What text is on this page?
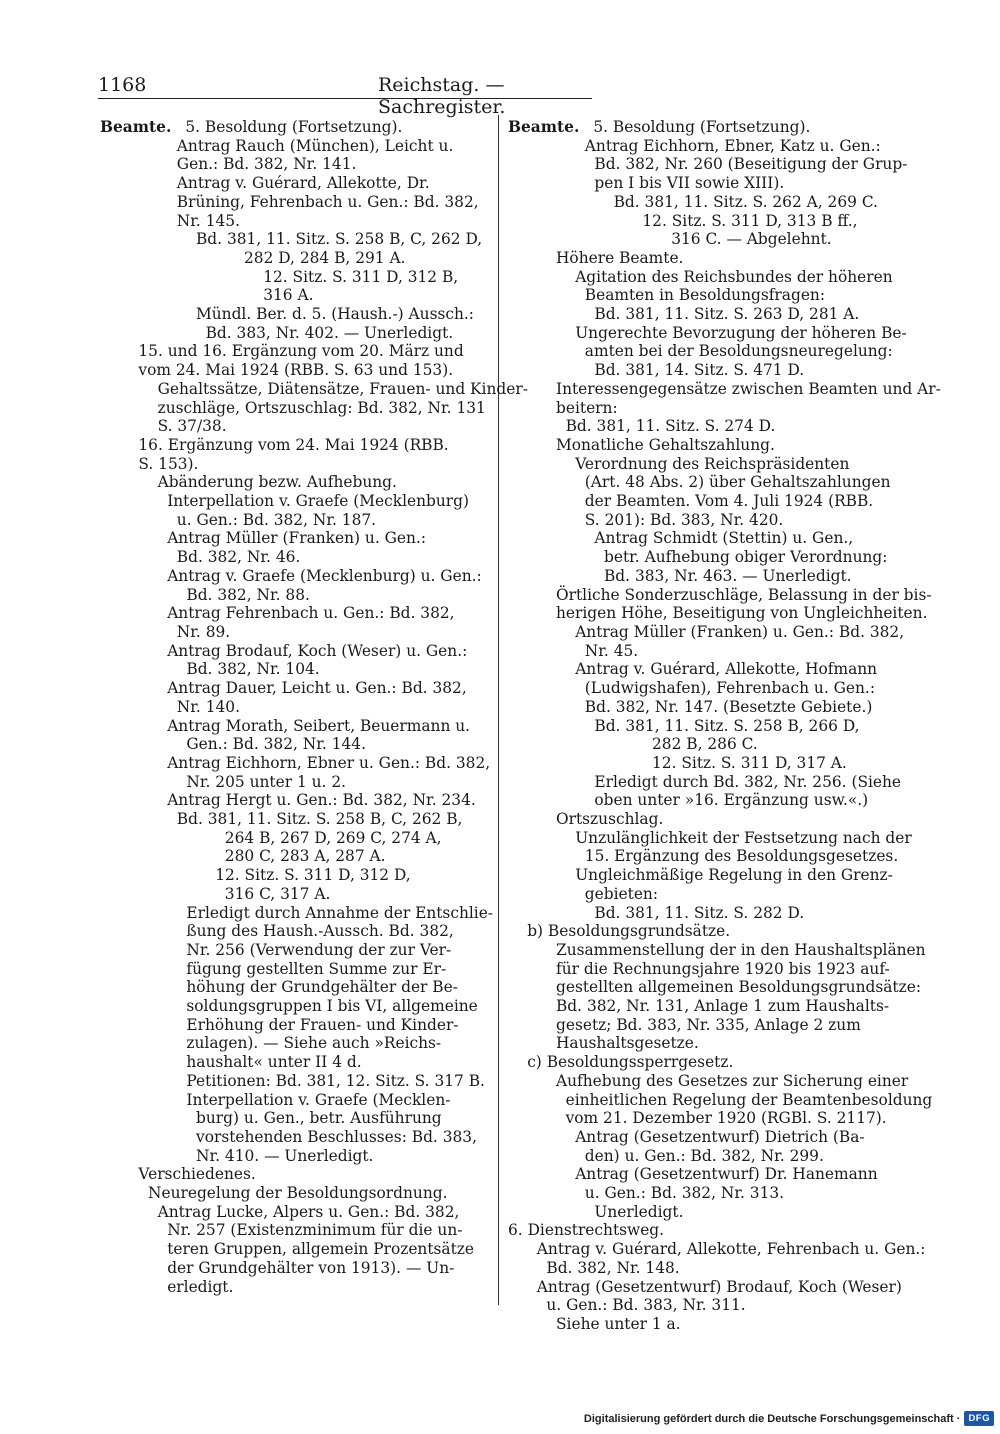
1168	Reichstag. — Sachregister.
Beamte. 5. Besoldung (Fortsetzung).
Antrag Rauch (München), Leicht u.
Gen.: Bd. 382, Nr. 141.
Antrag v. Guérard, Allekotte, Dr.
Brüning, Fehrenbach u. Gen.: Bd. 382,
Nr. 145.
Bd. 381, 11. Sitz. S. 258 B, C, 262 D,
282 D, 284 B, 291 A.
12. Sitz. S. 311 D, 312 B,
316 A.
Mündl. Ber. d. 5. (Haush.-) Aussch.:
Bd. 383, Nr. 402. — Unerledigt.
15. und 16. Ergänzung vom 20. März und
vom 24. Mai 1924 (RBB. S. 63 und 153).
Gehaltssätze, Diätensätze, Frauen- und Kinder-
zuschläge, Ortszuschlag: Bd. 382, Nr. 131
S. 37/38.
16. Ergänzung vom 24. Mai 1924 (RBB.
S. 153).
Abänderung bezw. Aufhebung.
Interpellation v. Graefe (Mecklenburg)
u. Gen.: Bd. 382, Nr. 187.
Antrag Müller (Franken) u. Gen.:
Bd. 382, Nr. 46.
Antrag v. Graefe (Mecklenburg) u. Gen.:
Bd. 382, Nr. 88.
Antrag Fehrenbach u. Gen.: Bd. 382,
Nr. 89.
Antrag Brodauf, Koch (Weser) u. Gen.:
Bd. 382, Nr. 104.
Antrag Dauer, Leicht u. Gen.: Bd. 382,
Nr. 140.
Antrag Morath, Seibert, Beuermann u.
Gen.: Bd. 382, Nr. 144.
Antrag Eichhorn, Ebner u. Gen.: Bd. 382,
Nr. 205 unter 1 u. 2.
Antrag Hergt u. Gen.: Bd. 382, Nr. 234.
Bd. 381, 11. Sitz. S. 258 B, C, 262 B,
264 B, 267 D, 269 C, 274 A,
280 C, 283 A, 287 A.
12. Sitz. S. 311 D, 312 D,
316 C, 317 A.
Erledigt durch Annahme der Entschlie-
ßung des Haush.-Aussch. Bd. 382,
Nr. 256 (Verwendung der zur Ver-
fügung gestellten Summe zur Er-
höhung der Grundgehälter der Be-
soldungsgruppen I bis VI, allgemeine
Erhöhung der Frauen- und Kinder-
zulagen). — Siehe auch »Reichs-
haushalt« unter II 4 d.
Petitionen: Bd. 381, 12. Sitz. S. 317 B.
Interpellation v. Graefe (Mecklen-
burg) u. Gen., betr. Ausführung
vorstehenden Beschlusses: Bd. 383,
Nr. 410. — Unerledigt.
Verschiedenes.
Neuregelung der Besoldungsordnung.
Antrag Lucke, Alpers u. Gen.: Bd. 382,
Nr. 257 (Existenzminimum für die un-
teren Gruppen, allgemein Prozentsätze
der Grundgehälter von 1913). — Un-
erledigt.
Beamte. 5. Besoldung (Fortsetzung).
Antrag Eichhorn, Ebner, Katz u. Gen.:
Bd. 382, Nr. 260 (Beseitigung der Grup-
pen I bis VII sowie XIII).
Bd. 381, 11. Sitz. S. 262 A, 269 C.
12. Sitz. S. 311 D, 313 B ff.,
316 C. — Abgelehnt.
Höhere Beamte.
Agitation des Reichsbundes der höheren
Beamten in Besoldungsfragen:
Bd. 381, 11. Sitz. S. 263 D, 281 A.
Ungerechte Bevorzugung der höheren Be-
amten bei der Besoldungsneuregelung:
Bd. 381, 14. Sitz. S. 471 D.
Interessengegensätze zwischen Beamten und Ar-
beitern:
Bd. 381, 11. Sitz. S. 274 D.
Monatliche Gehaltszahlung.
Verordnung des Reichspräsidenten
(Art. 48 Abs. 2) über Gehaltszahlungen
der Beamten. Vom 4. Juli 1924 (RBB.
S. 201): Bd. 383, Nr. 420.
Antrag Schmidt (Stettin) u. Gen.,
betr. Aufhebung obiger Verordnung:
Bd. 383, Nr. 463. — Unerledigt.
Örtliche Sonderzuschläge, Belassung in der bis-
herigen Höhe, Beseitigung von Ungleichheiten.
Antrag Müller (Franken) u. Gen.: Bd. 382,
Nr. 45.
Antrag v. Guérard, Allekotte, Hofmann
(Ludwigshafen), Fehrenbach u. Gen.:
Bd. 382, Nr. 147. (Besetzte Gebiete.)
Bd. 381, 11. Sitz. S. 258 B, 266 D,
282 B, 286 C.
12. Sitz. S. 311 D, 317 A.
Erledigt durch Bd. 382, Nr. 256. (Siehe
oben unter »16. Ergänzung usw.«.)
Ortszuschlag.
Unzulänglichkeit der Festsetzung nach der
15. Ergänzung des Besoldungsgesetzes.
Ungleichmäßige Regelung in den Grenz-
gebieten:
Bd. 381, 11. Sitz. S. 282 D.
b) Besoldungsgrundsätze.
Zusammenstellung der in den Haushaltsplänen
für die Rechnungsjahre 1920 bis 1923 auf-
gestellten allgemeinen Besoldungsgrundsätze:
Bd. 382, Nr. 131, Anlage 1 zum Haushalts-
gesetz; Bd. 383, Nr. 335, Anlage 2 zum
Haushaltsgesetze.
c) Besoldungssperrgesetz.
Aufhebung des Gesetzes zur Sicherung einer
einheitlichen Regelung der Beamtenbesoldung
vom 21. Dezember 1920 (RGBl. S. 2117).
Antrag (Gesetzentwurf) Dietrich (Ba-
den) u. Gen.: Bd. 382, Nr. 299.
Antrag (Gesetzentwurf) Dr. Hanemann
u. Gen.: Bd. 382, Nr. 313.
Unerledigt.
6. Dienstrechtsweg.
Antrag v. Guérard, Allekotte, Fehrenbach u. Gen.:
Bd. 382, Nr. 148.
Antrag (Gesetzentwurf) Brodauf, Koch (Weser)
u. Gen.: Bd. 383, Nr. 311.
Siehe unter 1 a.
Digitalisierung gefördert durch die Deutsche Forschungsgemeinschaft · DFG
